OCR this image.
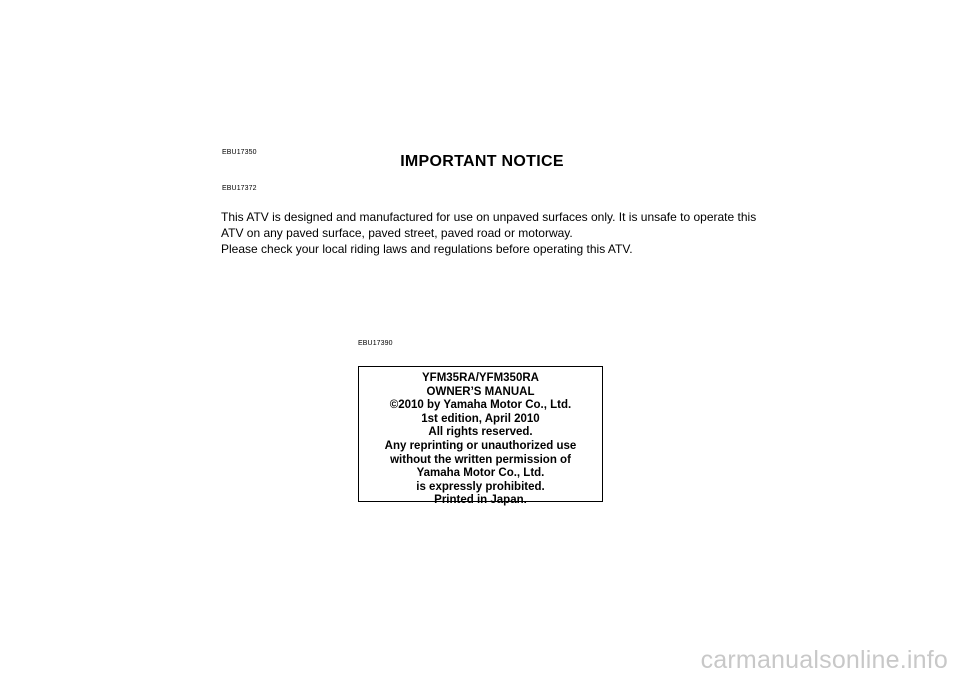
EBU17350
IMPORTANT NOTICE
EBU17372

This ATV is designed and manufactured for use on unpaved surfaces only. It is unsafe to operate this ATV on any paved surface, paved street, paved road or motorway.

Please check your local riding laws and regulations before operating this ATV.

EBU17390
YFM35RA/YFM350RA
OWNER’S MANUAL
©2010 by Yamaha Motor Co., Ltd.
1st edition, April 2010
All rights reserved.
Any reprinting or unauthorized use
without the written permission of
Yamaha Motor Co., Ltd.
is expressly prohibited.
Printed in Japan.
carmanualsonline.info
